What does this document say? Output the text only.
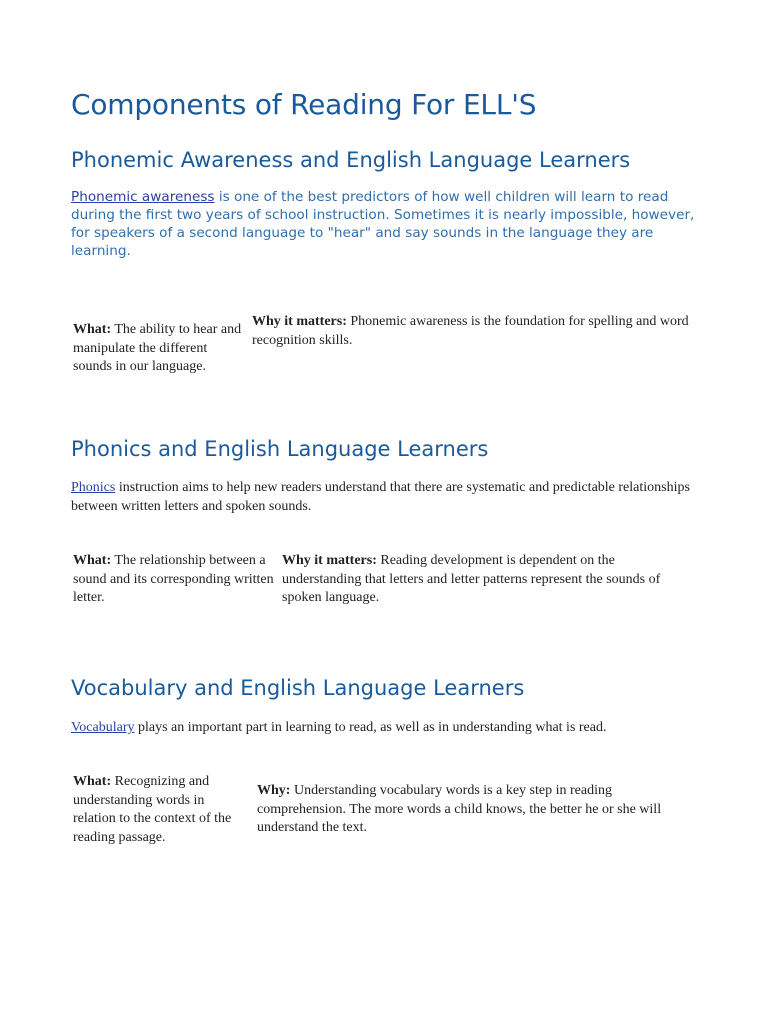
Components of Reading For ELL'S
Phonemic Awareness and English Language Learners

Phonemic awareness is one of the best predictors of how well children will learn to read during the first two years of school instruction. Sometimes it is nearly impossible, however, for speakers of a second language to "hear" and say sounds in the language they are learning.

What: The ability to hear and manipulate the different sounds in our language.

Why it matters: Phonemic awareness is the foundation for spelling and word recognition skills.

Phonics and English Language Learners

Phonics instruction aims to help new readers understand that there are systematic and predictable relationships between written letters and spoken sounds.

What: The relationship between a sound and its corresponding written letter.

Why it matters: Reading development is dependent on the understanding that letters and letter patterns represent the sounds of spoken language.

Vocabulary and English Language Learners

Vocabulary plays an important part in learning to read, as well as in understanding what is read.

What: Recognizing and understanding words in relation to the context of the reading passage.

Why: Understanding vocabulary words is a key step in reading comprehension. The more words a child knows, the better he or she will understand the text.
